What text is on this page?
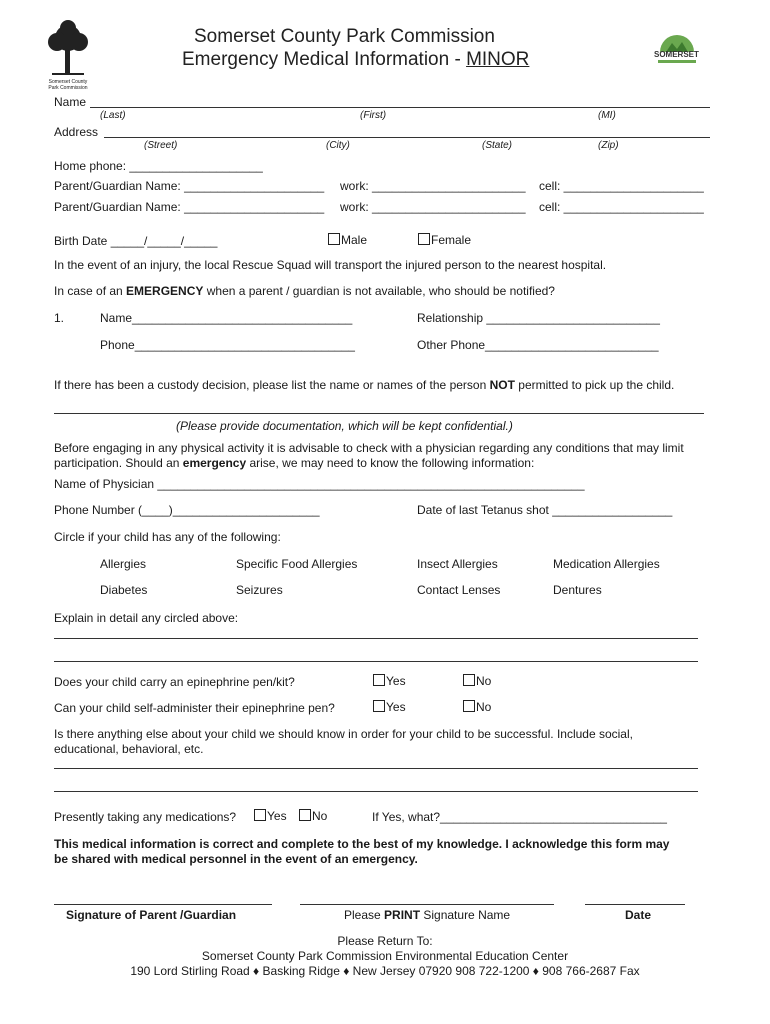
Somerset County Park Commission
SOMERSET
Somerset County Park Commission
Emergency Medical Information - MINOR
Name
(Last)	(First)	(MI)
Address
(Street)	(City)	(State)	(Zip)
Home phone: ____________________
Parent/Guardian Name: _____________________ work: _______________________ cell: _____________________
Parent/Guardian Name: _____________________ work: _______________________ cell: _____________________
Birth Date _____/_____/_____	Male	Female
In the event of an injury, the local Rescue Squad will transport the injured person to the nearest hospital.
In case of an EMERGENCY when a parent / guardian is not available, who should be notified?
1.	Name_________________________________	Relationship __________________________
Phone_________________________________	Other Phone__________________________
If there has been a custody decision, please list the name or names of the person NOT permitted to pick up the child.
(Please provide documentation, which will be kept confidential.)
Before engaging in any physical activity it is advisable to check with a physician regarding any conditions that may limit
participation. Should an emergency arise, we may need to know the following information:
Name of Physician ________________________________________________________________
Phone Number (____)______________________	Date of last Tetanus shot __________________
Circle if your child has any of the following:
Allergies	Specific Food Allergies	Insect Allergies	Medication Allergies
Diabetes	Seizures	Contact Lenses	Dentures
Explain in detail any circled above:
Does your child carry an epinephrine pen/kit?	Yes	No
Can your child self-administer their epinephrine pen?	Yes	No
Is there anything else about your child we should know in order for your child to be successful. Include social,
educational, behavioral, etc.
Presently taking any medications?	Yes	No	If Yes, what?__________________________________
This medical information is correct and complete to the best of my knowledge. I acknowledge this form may
be shared with medical personnel in the event of an emergency.
Signature of Parent /Guardian	Please PRINT Signature Name	Date
Please Return To:
Somerset County Park Commission Environmental Education Center
190 Lord Stirling Road ♦ Basking Ridge ♦ New Jersey 07920 908 722-1200 ♦ 908 766-2687 Fax
